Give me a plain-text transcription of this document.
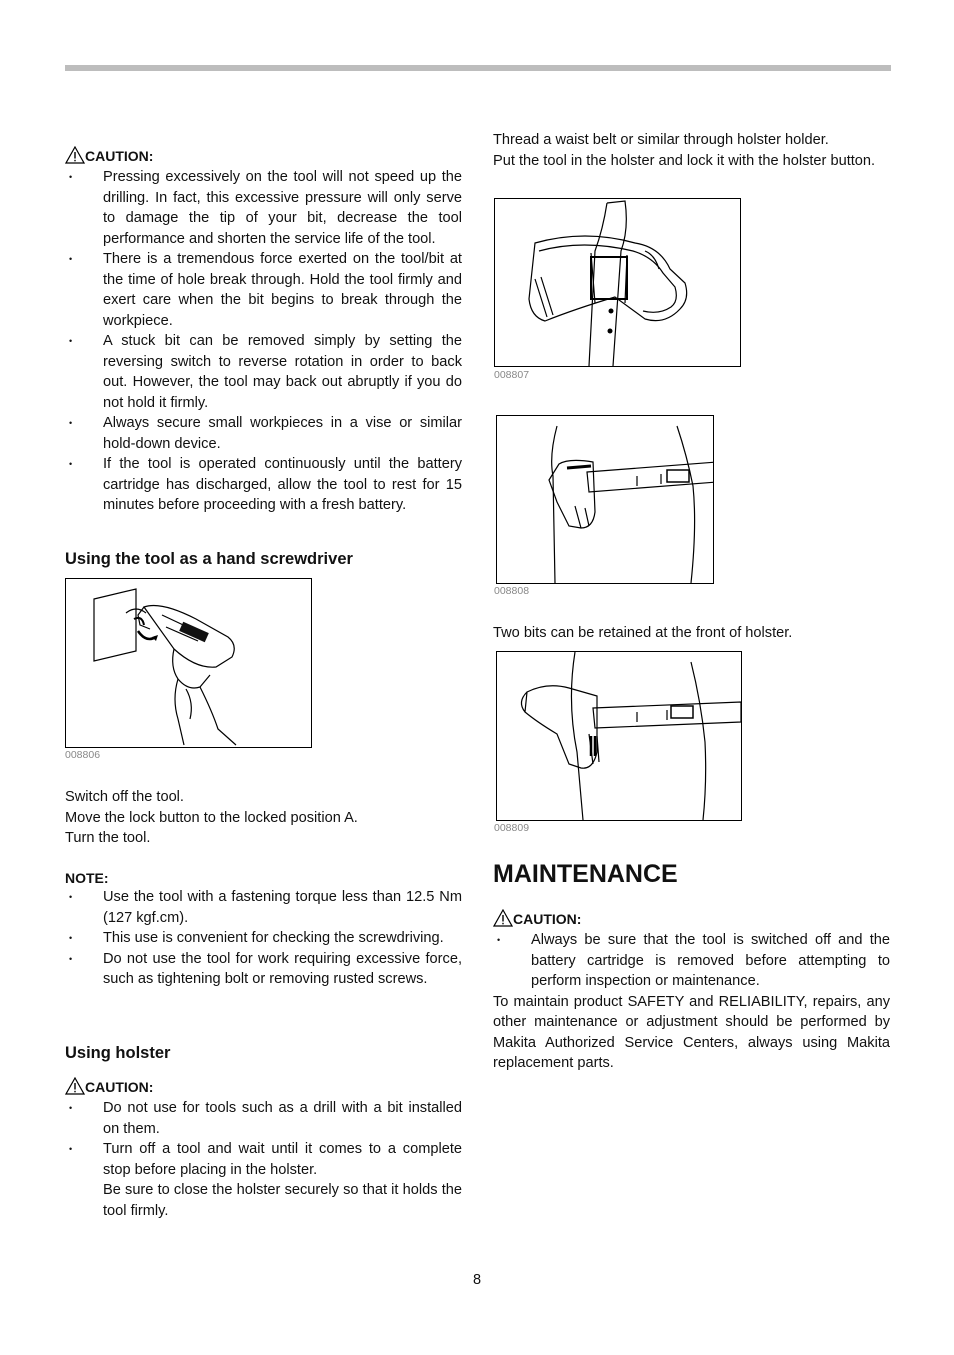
CAUTION:
• Pressing excessively on the tool will not speed up the drilling. In fact, this excessive pressure will only serve to damage the tip of your bit, decrease the tool performance and shorten the service life of the tool.
• There is a tremendous force exerted on the tool/bit at the time of hole break through. Hold the tool firmly and exert care when the bit begins to break through the workpiece.
• A stuck bit can be removed simply by setting the reversing switch to reverse rotation in order to back out. However, the tool may back out abruptly if you do not hold it firmly.
• Always secure small workpieces in a vise or similar hold-down device.
• If the tool is operated continuously until the battery cartridge has discharged, allow the tool to rest for 15 minutes before proceeding with a fresh battery.
Using the tool as a hand screwdriver
008806

Switch off the tool.

Move the lock button to the locked position A.

Turn the tool.

NOTE:
• Use the tool with a fastening torque less than 12.5 Nm (127 kgf.cm).
• This use is convenient for checking the screwdriving.
• Do not use the tool for work requiring excessive force, such as tightening bolt or removing rusted screws.
Using holster
CAUTION:
• Do not use for tools such as a drill with a bit installed on them.
• Turn off a tool and wait until it comes to a complete stop before placing in the holster.

Be sure to close the holster securely so that it holds the tool firmly.

Thread a waist belt or similar through holster holder.

Put the tool in the holster and lock it with the holster button.

008807
008808

Two bits can be retained at the front of holster.

008809
MAINTENANCE
CAUTION:
• Always be sure that the tool is switched off and the battery cartridge is removed before attempting to perform inspection or maintenance.

To maintain product SAFETY and RELIABILITY, repairs, any other maintenance or adjustment should be performed by Makita Authorized Service Centers, always using Makita replacement parts.

8
